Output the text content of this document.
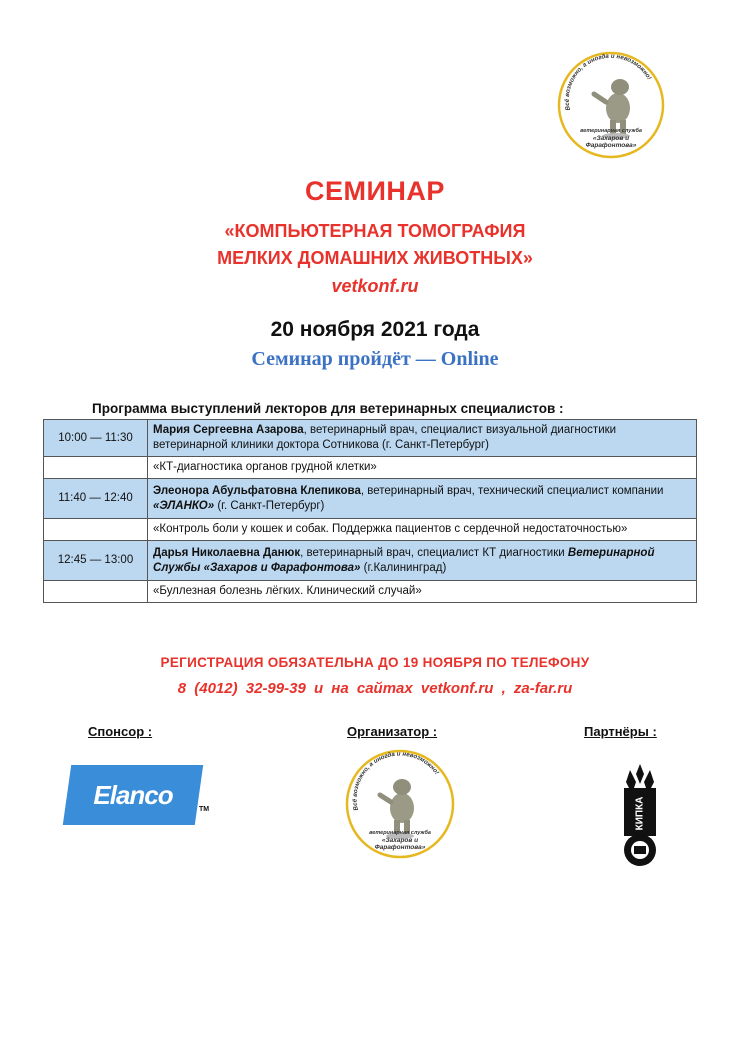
Всё возможно, а иногда и невозможно!
ветеринарная служба
«Захаров и Фарафонтова»
СЕМИНАР
«КОМПЬЮТЕРНАЯ ТОМОГРАФИЯ
МЕЛКИХ ДОМАШНИХ ЖИВОТНЫХ»
vetkonf.ru
20 ноября 2021 года
Семинар пройдёт — Online
Программа выступлений лекторов для ветеринарных специалистов :
10:00 — 11:30	Мария Сергеевна Азарова, ветеринарный врач, специалист визуальной диагностики ветеринарной клиники доктора Сотникова (г. Санкт-Петербург)
	«КТ-диагностика органов грудной клетки»
11:40 — 12:40	Элеонора Абульфатовна Клепикова, ветеринарный врач, технический специалист компании «ЭЛАНКО» (г. Санкт-Петербург)
	«Контроль боли у кошек и собак. Поддержка пациентов с сердечной недостаточностью»
12:45 — 13:00	Дарья Николаевна Данюк, ветеринарный врач, специалист КТ диагностики Ветеринарной Службы «Захаров и Фарафонтова» (г.Калининград)
	«Буллезная болезнь лёгких. Клинический случай»
РЕГИСТРАЦИЯ ОБЯЗАТЕЛЬНА ДО 19 НОЯБРЯ ПО ТЕЛЕФОНУ
8 (4012) 32-99-39 и на сайтах vetkonf.ru , za-far.ru
Спонсор :	Организатор :	Партнёры :
Elanco	TM	Всё возможно, а иногда и невозможно!
ветеринарная служба
«Захаров и Фарафонтова»
КИПКА
